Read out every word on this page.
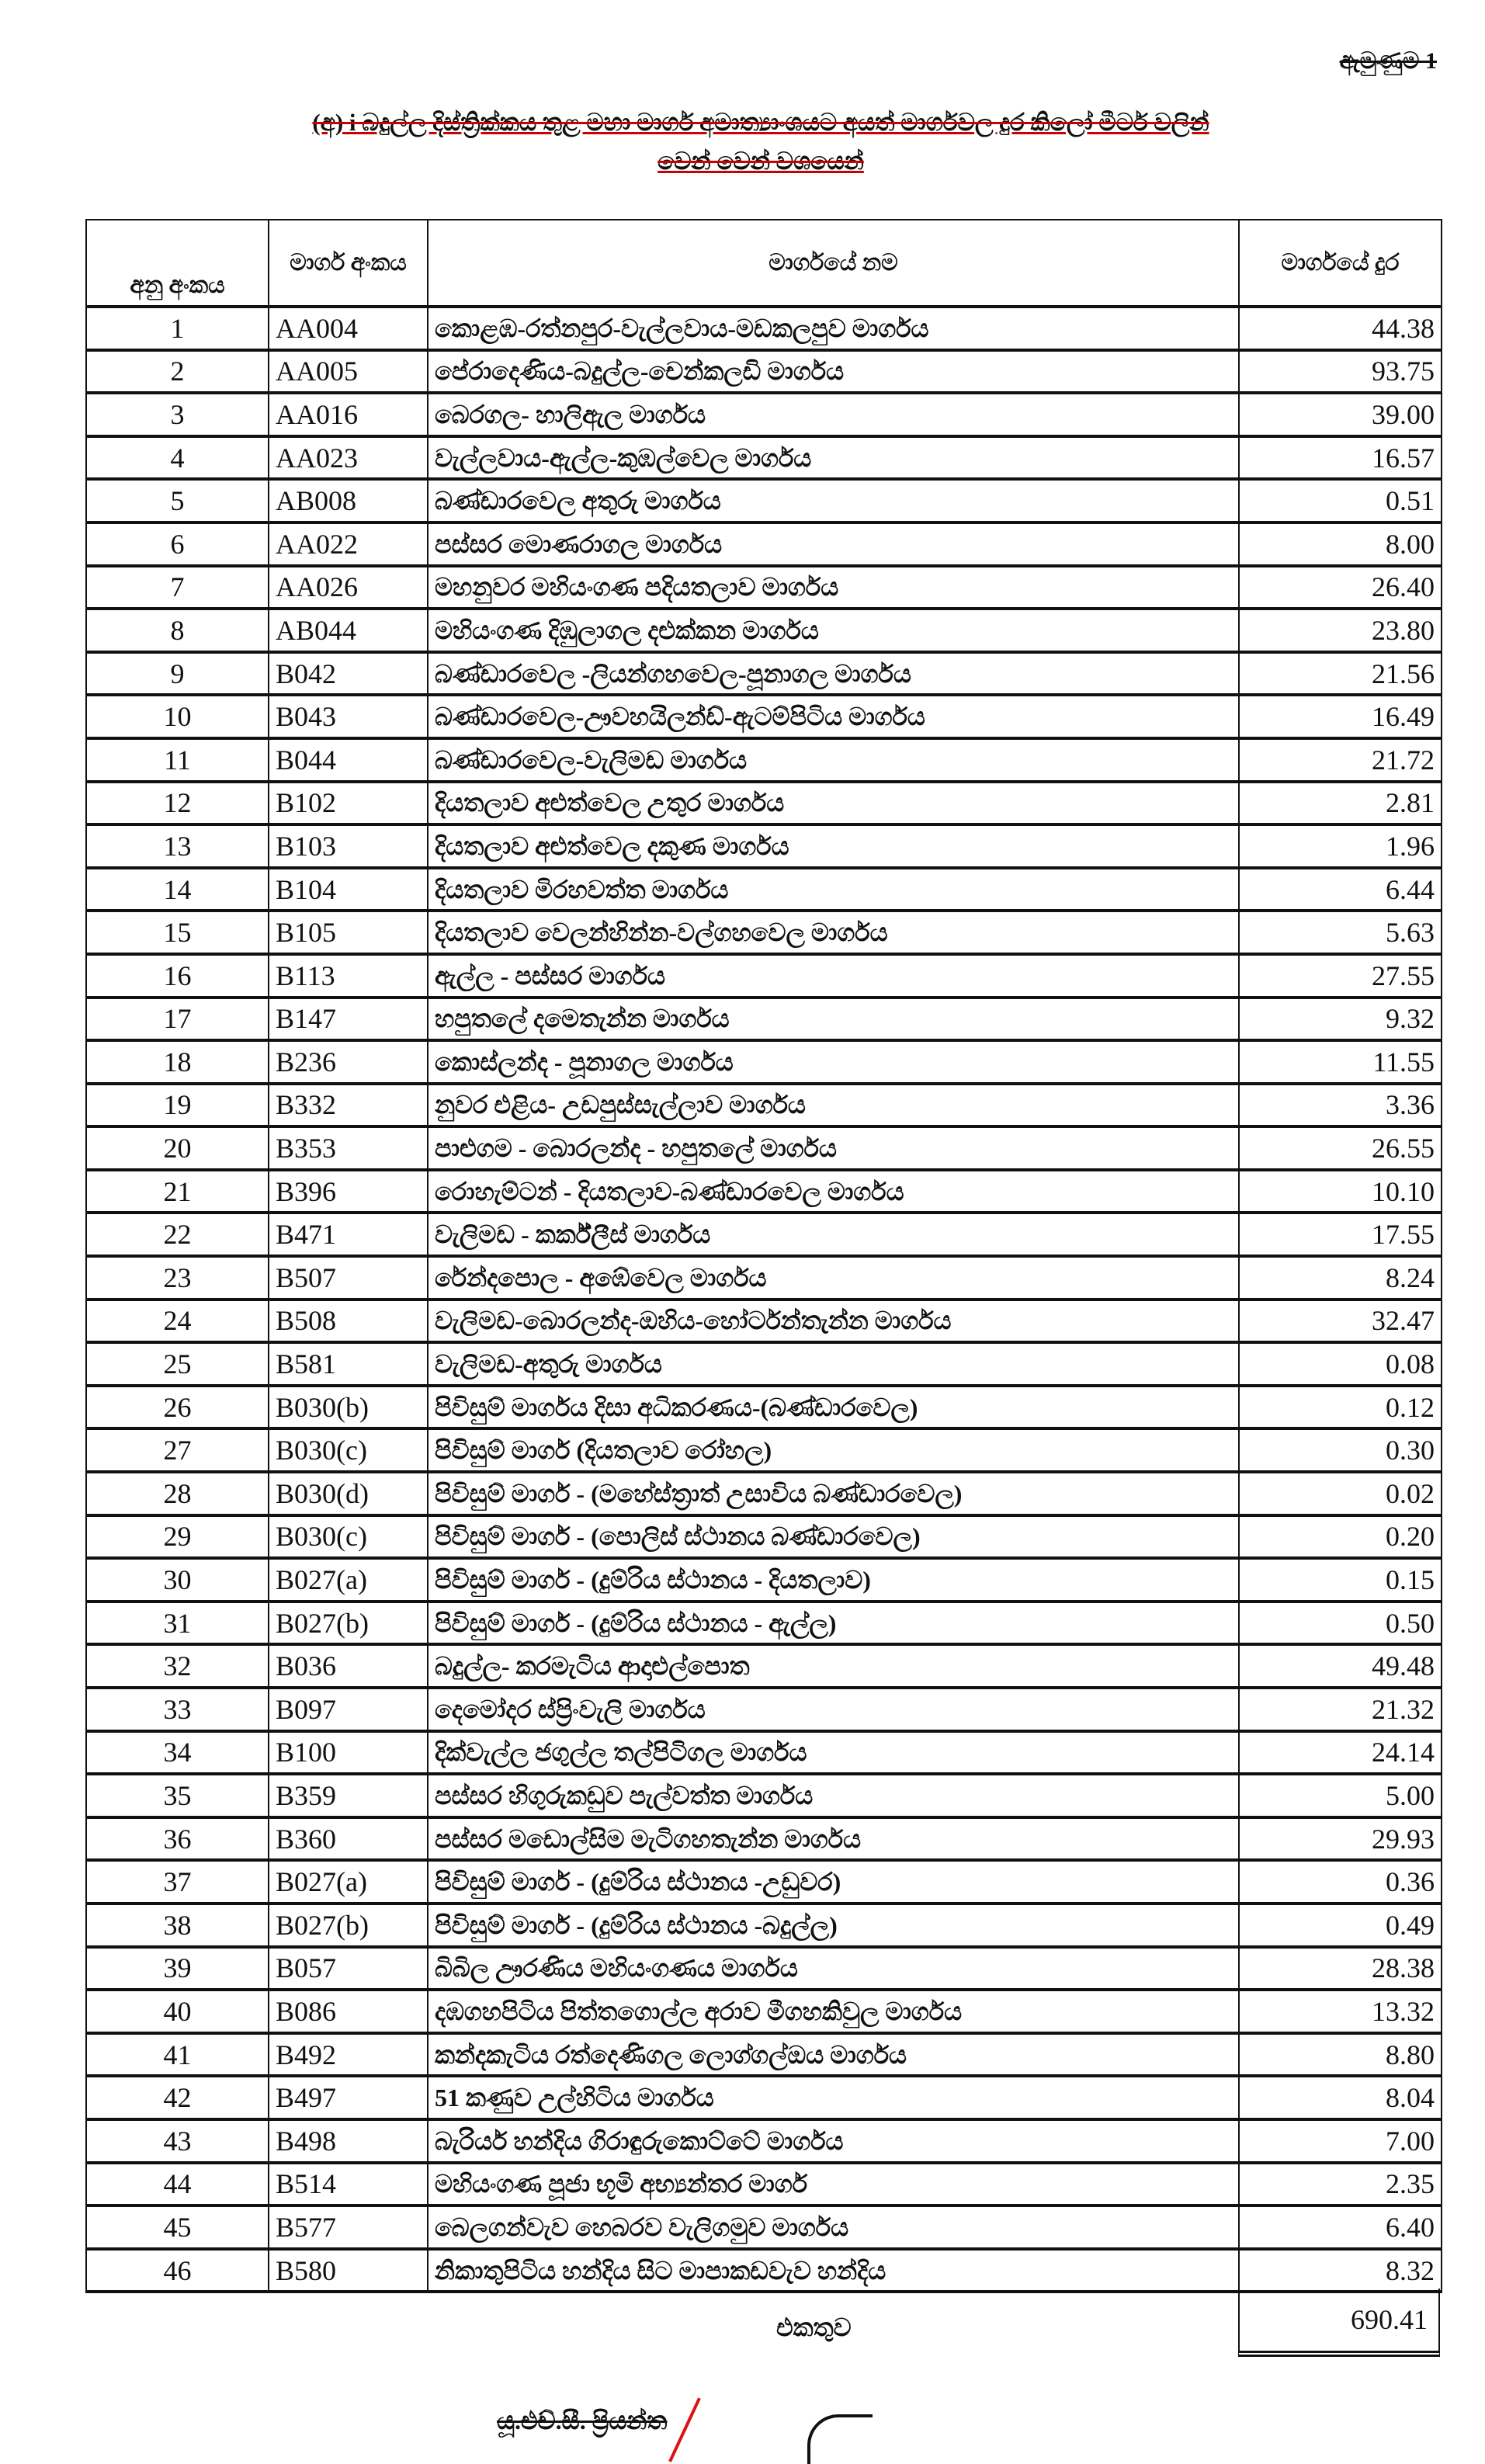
ඇමුණුම 1
(අ) i බදුල්ල දිස්ත්‍රික්කය තුළ මහා මාර්ග අමාත්‍යාංශයට අයත් මාර්ගවල දුර කිලෝ මීටර් වලින්
වෙන් වෙන් වශයෙන්
අනු අංකය	මාර්ග අංකය	මාර්ගයේ නම	මාර්ගයේ දුර
1	AA004	කොළඹ-රත්නපුර-වැල්ලවාය-මඩකලපුව මාර්ගය	44.38
2	AA005	පේරාදෙණිය-බදුල්ල-චෙන්කලඩි මාර්ගය	93.75
3	AA016	බෙරගල- හාලිඇල මාර්ගය	39.00
4	AA023	වැල්ලවාය-ඇල්ල-කුඹල්වෙල මාර්ගය	16.57
5	AB008	බණ්ඩාරවෙල අතුරු මාර්ගය	0.51
6	AA022	පස්සර මොණරාගල මාර්ගය	8.00
7	AA026	මහනුවර මහියංගණ පදියතලාව මාර්ගය	26.40
8	AB044	මහියංගණ දිඹුලාගල දළුක්කන මාර්ගය	23.80
9	B042	බණ්ඩාරවෙල -ලියන්ගහවෙල-පූනාගල මාර්ගය	21.56
10	B043	බණ්ඩාරවෙල-ඌවහයිලන්ඩ්-ඇටම්පිටිය මාර්ගය	16.49
11	B044	බණ්ඩාරවෙල-වැලිමඩ මාර්ගය	21.72
12	B102	දියතලාව අළුත්වෙල උතුර මාර්ගය	2.81
13	B103	දියතලාව අළුත්වෙල දකුණ මාර්ගය	1.96
14	B104	දියතලාව මිරහවත්ත මාර්ගය	6.44
15	B105	දියතලාව වෙලන්හින්න-වල්ගහවෙල මාර්ගය	5.63
16	B113	ඇල්ල - පස්සර මාර්ගය	27.55
17	B147	හපුතලේ දමෙතැන්න මාර්ගය	9.32
18	B236	කොස්ලන්ද - පූනාගල මාර්ගය	11.55
19	B332	නුවර එළිය- උඩපුස්සැල්ලාව මාර්ගය	3.36
20	B353	පාළුගම - බොරලන්ද - හපුතලේ මාර්ගය	26.55
21	B396	රොහැම්ටන් - දියතලාව-බණ්ඩාරවෙල මාර්ගය	10.10
22	B471	වැලිමඩ - කර්ක්ලීස් මාර්ගය	17.55
23	B507	රේන්දපොල - අඹේවෙල මාර්ගය	8.24
24	B508	වැලිමඩ-බොරලන්ද-ඔහිය-හෝර්ටන්තැන්න මාර්ගය	32.47
25	B581	වැලිමඩ-අතුරු මාර්ගය	0.08
26	B030(b)	පිවිසුම් මාර්ගය දිසා අධිකරණය-(බණ්ඩාරවෙල)	0.12
27	B030(c)	පිවිසුම් මාර්ග (දියතලාව රෝහල)	0.30
28	B030(d)	පිවිසුම් මාර්ග - (මහේස්ත්‍රාත් උසාවිය බණ්ඩාරවෙල)	0.02
29	B030(c)	පිවිසුම් මාර්ග - (පොලිස් ස්ථානය බණ්ඩාරවෙල)	0.20
30	B027(a)	පිවිසුම් මාර්ග - (දුම්රිය ස්ථානය - දියතලාව)	0.15
31	B027(b)	පිවිසුම් මාර්ග - (දුම්රිය ස්ථානය - ඇල්ල)	0.50
32	B036	බදුල්ල- කරමැටිය ආදාළුල්පොත	49.48
33	B097	දෙමෝදර ස්ප්‍රිංවැලි මාර්ගය	21.32
34	B100	දික්වැල්ල ජගුල්ල තල්පිටිගල මාර්ගය	24.14
35	B359	පස්සර හිගුරුකඩුව පැල්වත්ත මාර්ගය	5.00
36	B360	පස්සර මඩොල්සිම මැටිගහතැන්න මාර්ගය	29.93
37	B027(a)	පිවිසුම් මාර්ග - (දුම්රිය ස්ථානය -උඩුවර)	0.36
38	B027(b)	පිවිසුම් මාර්ග - (දුම්රිය ස්ථානය -බදුල්ල)	0.49
39	B057	බිබිල ඌරණිය මහියංගණය මාර්ගය	28.38
40	B086	දඹගහපිටිය පිත්තගොල්ල අරාව මීගහකිවුල මාර්ගය	13.32
41	B492	කන්දකැටිය රත්දෙණිගල ලොග්ගල්ඔය මාර්ගය	8.80
42	B497	51 කණුව උල්හිටිය මාර්ගය	8.04
43	B498	බැරියර් හන්දිය ගිරාඳුරුකොට්ටේ මාර්ගය	7.00
44	B514	මහියංගණ පූජා භූමි අභ්‍යන්තර මාර්ග	2.35
45	B577	බෙලගන්වැව හෙබරව වැලිගමුව මාර්ගය	6.40
46	B580	නිකාතුපිටිය හන්දිය සිට මාපාකඩවැව හන්දිය	8.32
එකතුව	690.41
යූ.එච්.සී. ප්‍රියන්ත
